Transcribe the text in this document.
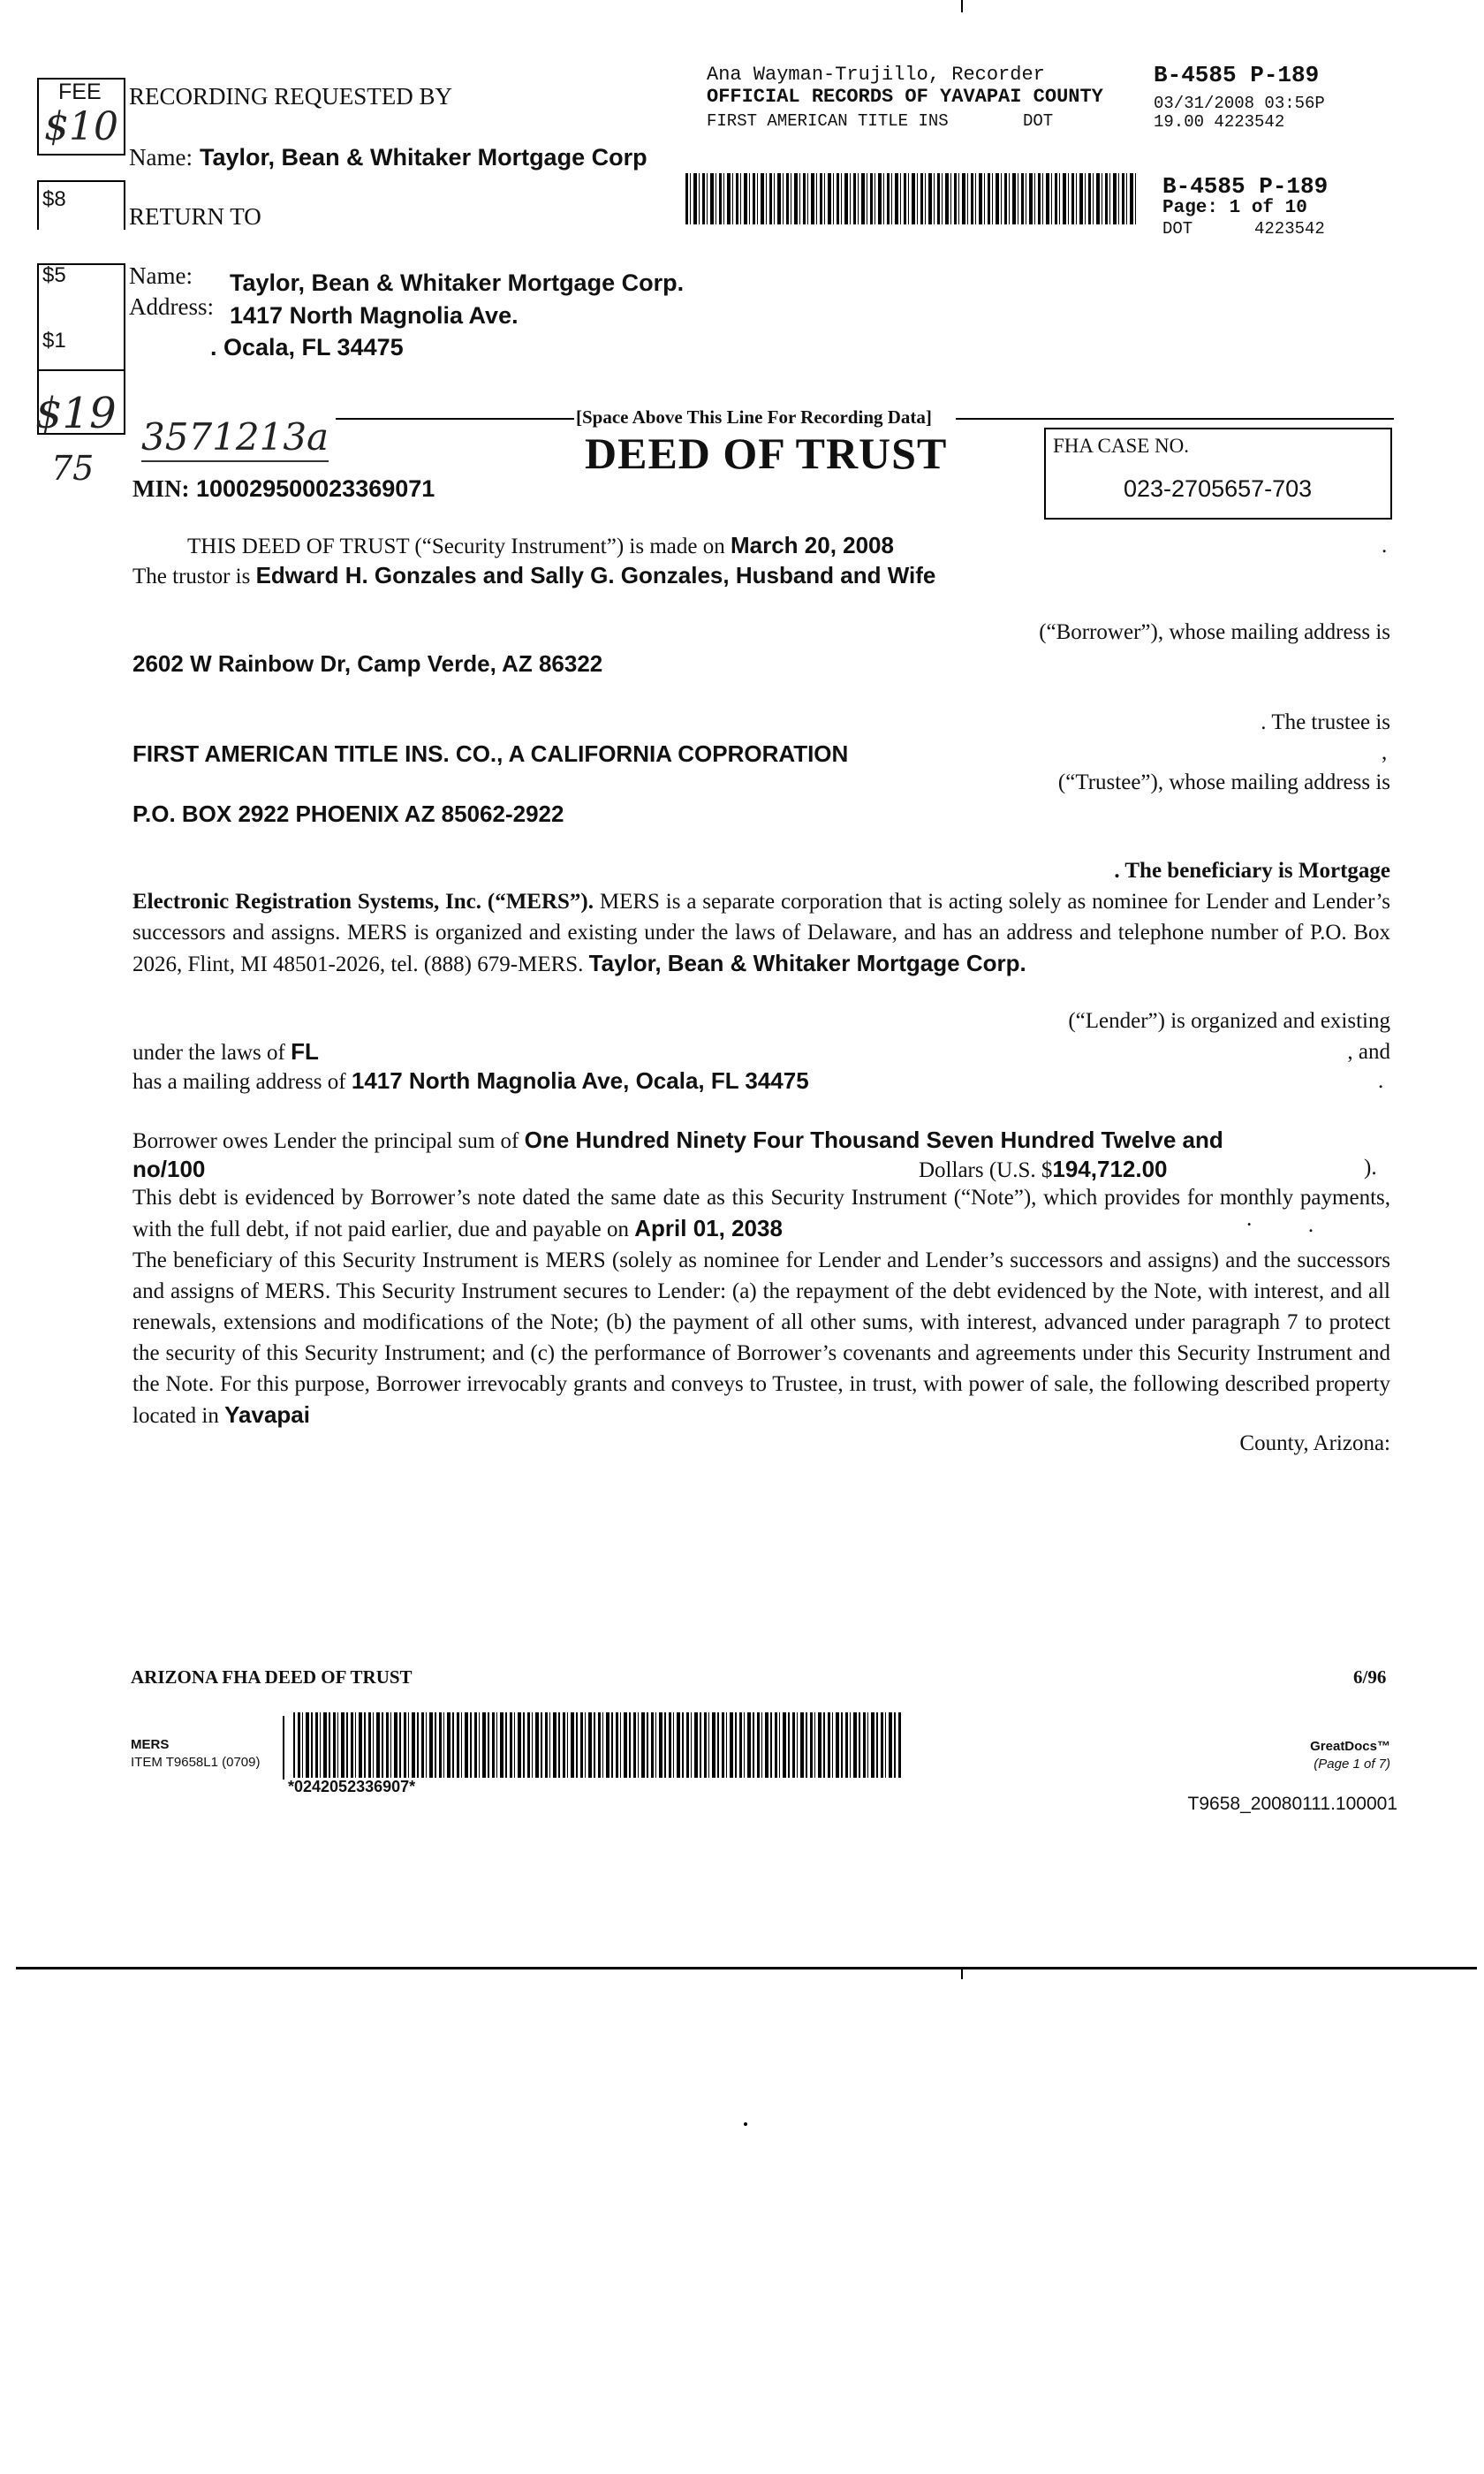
FEE
$10
$8
$5
$1
$19
75
RECORDING REQUESTED BY
Name: Taylor, Bean & Whitaker Mortgage Corp
RETURN TO
Name: Taylor, Bean & Whitaker Mortgage Corp.
Address: 1417 North Magnolia Ave.
. Ocala, FL 34475
Ana Wayman-Trujillo, Recorder
OFFICIAL RECORDS OF YAVAPAI COUNTY
FIRST AMERICAN TITLE INS	DOT
B-4585 P-189
03/31/2008 03:56P
19.00 4223542
B-4585 P-189
Page: 1 of 10
DOT	4223542
3571213a	[Space Above This Line For Recording Data]
DEED OF TRUST	FHA CASE NO.
023-2705657-703
MIN: 100029500023369071
THIS DEED OF TRUST (“Security Instrument”) is made on March 20, 2008	.
The trustor is Edward H. Gonzales and Sally G. Gonzales, Husband and Wife
(“Borrower”), whose mailing address is
2602 W Rainbow Dr, Camp Verde, AZ 86322
. The trustee is
FIRST AMERICAN TITLE INS. CO., A CALIFORNIA COPRORATION	,
(“Trustee”), whose mailing address is
P.O. BOX 2922 PHOENIX AZ 85062-2922
. The beneficiary is Mortgage
Electronic Registration Systems, Inc. (“MERS”). MERS is a separate corporation that is acting solely as nominee for Lender and Lender’s successors and assigns. MERS is organized and existing under the laws of Delaware, and has an address and telephone number of P.O. Box 2026, Flint, MI 48501-2026, tel. (888) 679-MERS. Taylor, Bean & Whitaker Mortgage Corp.
(“Lender”) is organized and existing
under the laws of FL	, and
has a mailing address of 1417 North Magnolia Ave, Ocala, FL 34475	.
Borrower owes Lender the principal sum of One Hundred Ninety Four Thousand Seven Hundred Twelve and
no/100	Dollars (U.S. $194,712.00	).
This debt is evidenced by Borrower’s note dated the same date as this Security Instrument (“Note”), which provides for monthly payments, with the full debt, if not paid earlier, due and payable on April 01, 2038	·          .
The beneficiary of this Security Instrument is MERS (solely as nominee for Lender and Lender’s successors and assigns) and the successors and assigns of MERS. This Security Instrument secures to Lender: (a) the repayment of the debt evidenced by the Note, with interest, and all renewals, extensions and modifications of the Note; (b) the payment of all other sums, with interest, advanced under paragraph 7 to protect the security of this Security Instrument; and (c) the performance of Borrower’s covenants and agreements under this Security Instrument and the Note. For this purpose, Borrower irrevocably grants and conveys to Trustee, in trust, with power of sale, the following described property located in Yavapai
County, Arizona:
ARIZONA FHA DEED OF TRUST	6/96
MERS
ITEM T9658L1 (0709)
*0242052336907*
GreatDocs™
(Page 1 of 7)
T9658_20080111.100001
